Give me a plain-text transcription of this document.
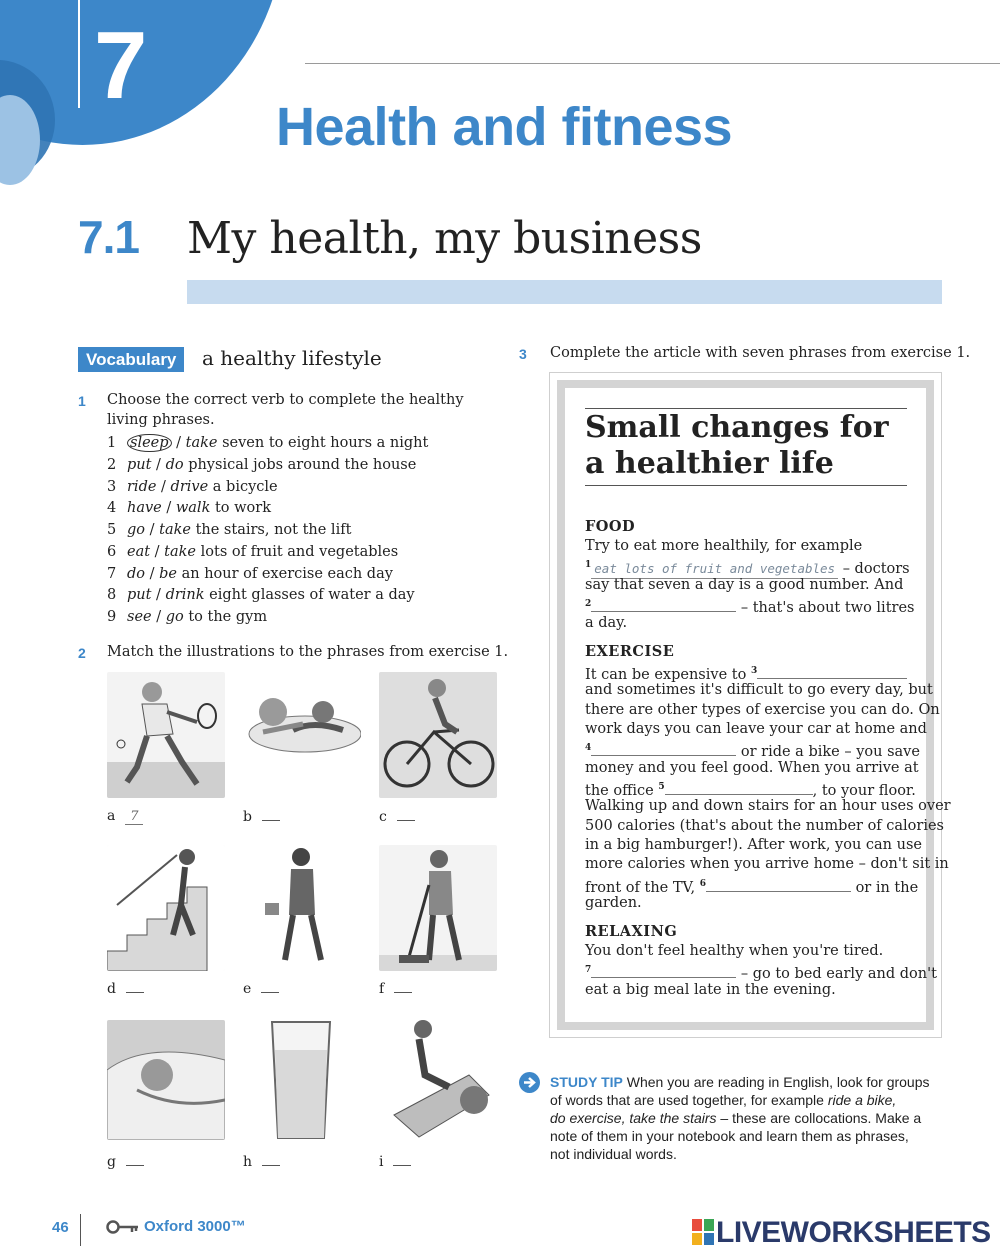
7
Health and fitness
7.1 My health, my business
Vocabulary	a healthy lifestyle
1 Choose the correct verb to complete the healthy living phrases.
1 sleep / take seven to eight hours a night
2 put / do physical jobs around the house
3 ride / drive a bicycle
4 have / walk to work
5 go / take the stairs, not the lift
6 eat / take lots of fruit and vegetables
7 do / be an hour of exercise each day
8 put / drink eight glasses of water a day
9 see / go to the gym
2 Match the illustrations to the phrases from exercise 1.
a 7	b	c
d	e	f
g	h	i
3 Complete the article with seven phrases from exercise 1.
Small changes for
a healthier life
FOOD
Try to eat more healthily, for example
$^1$ eat lots of fruit and vegetables – doctors
say that seven a day is a good number. And
$^2$	– that's about two litres
a day.
EXERCISE
It can be expensive to $^3$
and sometimes it's difficult to go every day, but
there are other types of exercise you can do. On
work days you can leave your car at home and
$^4$	or ride a bike – you save
money and you feel good. When you arrive at
the office $^5$	, to your floor.
Walking up and down stairs for an hour uses over
500 calories (that's about the number of calories
in a big hamburger!). After work, you can use
more calories when you arrive home – don't sit in
front of the TV, $^6$	or in the
garden.
RELAXING
You don't feel healthy when you're tired.
$^7$	– go to bed early and don't
eat a big meal late in the evening.
STUDY TIP When you are reading in English, look for groups
of words that are used together, for example ride a bike,
do exercise, take the stairs – these are collocations. Make a
note of them in your notebook and learn them as phrases,
not individual words.
46	Oxford 3000™	LIVEWORKSHEETS
